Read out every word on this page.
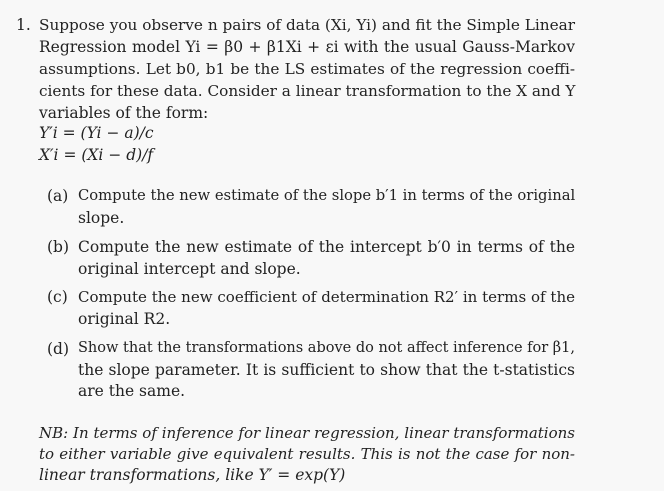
1. Suppose you observe n pairs of data (Xi, Yi) and fit the Simple Linear
Regression model Yi = β0 + β1Xi + εi with the usual Gauss-Markov
assumptions. Let b0, b1 be the LS estimates of the regression coeffi-
cients for these data. Consider a linear transformation to the X and Y
variables of the form:
Y′i = (Yi − a)/c
X′i = (Xi − d)/f
(a) Compute the new estimate of the slope b′1 in terms of the original
slope.
(b) Compute the new estimate of the intercept b′0 in terms of the
original intercept and slope.
(c) Compute the new coefficient of determination R2′ in terms of the
original R2.
(d) Show that the transformations above do not affect inference for β1,
the slope parameter. It is sufficient to show that the t-statistics
are the same.
NB: In terms of inference for linear regression, linear transformations
to either variable give equivalent results. This is not the case for non-
linear transformations, like Y′ = exp(Y)
